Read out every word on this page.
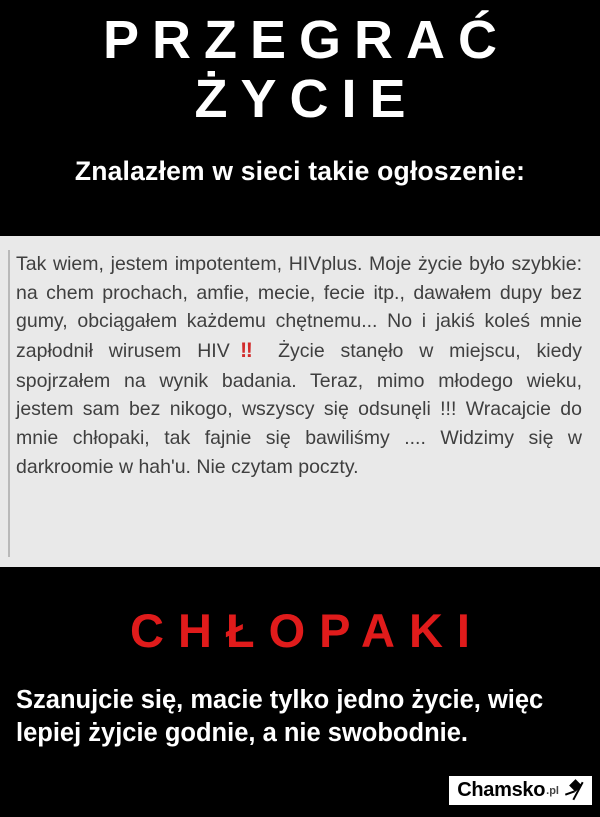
PRZEGRAĆ
ŻYCIE
Znalazłem w sieci takie ogłoszenie:
Tak wiem, jestem impotentem, HIVplus. Moje życie było szybkie: na chem prochach, amfie, mecie, fecie itp., dawałem dupy bez gumy, obciągałem każdemu chętnemu... No i jakiś koleś mnie zapłodnił wirusem HIV‼ Życie stanęło w miejscu, kiedy spojrzałem na wynik badania. Teraz, mimo młodego wieku, jestem sam bez nikogo, wszyscy się odsunęli !!! Wracajcie do mnie chłopaki, tak fajnie się bawiliśmy .... Widzimy się w darkroomie w hah'u. Nie czytam poczty.
CHŁOPAKI
Szanujcie się, macie tylko jedno życie, więc lepiej żyjcie godnie, a nie swobodnie.
Chamsko .pl
